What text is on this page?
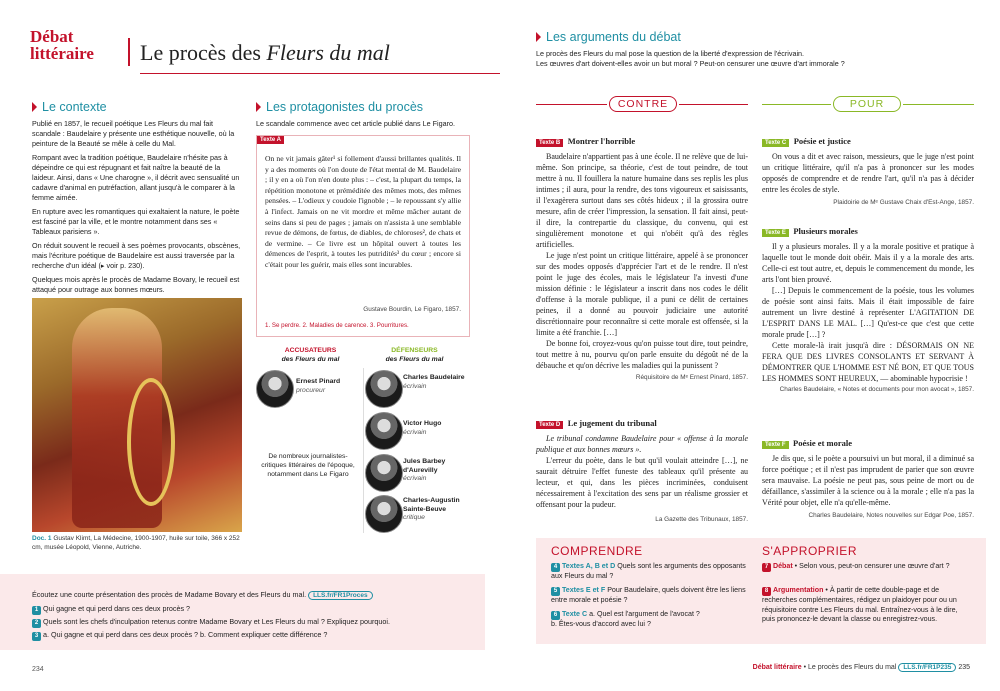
Débat
littéraire Le procès des Fleurs du mal
Le contexte

Publié en 1857, le recueil poétique Les Fleurs du mal fait scandale : Baudelaire y présente une esthétique nouvelle, où la peinture de la Beauté se mêle à celle du Mal.

Rompant avec la tradition poétique, Baudelaire n'hésite pas à dépeindre ce qui est répugnant et fait naître la beauté de la laideur. Ainsi, dans « Une charogne », il décrit avec sensualité un cadavre d'animal en putréfaction, allant jusqu'à le comparer à la femme aimée.

En rupture avec les romantiques qui exaltaient la nature, le poète est fasciné par la ville, et le montre notamment dans ses « Tableaux parisiens ».

On réduit souvent le recueil à ses poèmes provocants, obscènes, mais l'écriture poétique de Baudelaire est aussi traversée par la recherche d'un idéal (▸ voir p. 230).

Quelques mois après le procès de Madame Bovary, le recueil est attaqué pour outrage aux bonnes mœurs.

Doc. 1 Gustav Klimt, La Médecine, 1900-1907, huile sur toile, 366 x 252 cm, musée Léopold, Vienne, Autriche.
Les protagonistes du procès
Le scandale commence avec cet article publié dans Le Figaro.
Texte A
On ne vit jamais gâter¹ si follement d'aussi brillantes qualités. Il y a des moments où l'on doute de l'état mental de M. Baudelaire ; il y en a où l'on n'en doute plus : – c'est, la plupart du temps, la répétition monotone et préméditée des mêmes mots, des mêmes pensées. – L'odieux y coudoie l'ignoble ; – le repoussant s'y allie à l'infect. Jamais on ne vit mordre et même mâcher autant de seins dans si peu de pages ; jamais on n'assista à une semblable revue de démons, de fœtus, de diables, de chloroses², de chats et de vermine. – Ce livre est un hôpital ouvert à toutes les démences de l'esprit, à toutes les putridités³ du cœur ; encore si c'était pour les guérir, mais elles sont incurables.
Gustave Bourdin, Le Figaro, 1857.
1. Se perdre. 2. Maladies de carence. 3. Pourritures.
ACCUSATEURS
des Fleurs du mal
DÉFENSEURS
des Fleurs du mal
Ernest Pinard
procureur
De nombreux journalistes-critiques littéraires de l'époque, notamment dans Le Figaro
Charles Baudelaire
écrivain
Victor Hugo
écrivain
Jules Barbey d'Aurevilly
écrivain
Charles-Augustin Sainte-Beuve
critique
Écoutez une courte présentation des procès de Madame Bovary et des Fleurs du mal. LLS.fr/FR1Proces
1 Qui gagne et qui perd dans ces deux procès ?
2 Quels sont les chefs d'inculpation retenus contre Madame Bovary et Les Fleurs du mal ? Expliquez pourquoi.
3 a. Qui gagne et qui perd dans ces deux procès ? b. Comment expliquer cette différence ?
234
Les arguments du débat

Le procès des Fleurs du mal pose la question de la liberté d'expression de l'écrivain.

Les œuvres d'art doivent-elles avoir un but moral ? Peut-on censurer une œuvre d'art immorale ?

CONTRE	POUR
Texte B Montrer l'horrible

Baudelaire n'appartient pas à une école. Il ne relève que de lui-même. Son principe, sa théorie, c'est de tout peindre, de tout mettre à nu. Il fouillera la nature humaine dans ses replis les plus intimes ; il aura, pour la rendre, des tons vigoureux et saisissants, il l'exagèrera surtout dans ses côtés hideux ; il la grossira outre mesure, afin de créer l'impression, la sensation. Il fait ainsi, peut-il dire, la contrepartie du classique, du convenu, qui est singulièrement monotone et qui n'obéit qu'à des règles artificielles.

Le juge n'est point un critique littéraire, appelé à se prononcer sur des modes opposés d'apprécier l'art et de le rendre. Il n'est point le juge des écoles, mais le législateur l'a investi d'une mission définie : le législateur a inscrit dans nos codes le délit d'offense à la morale publique, il a puni ce délit de certaines peines, il a donné au pouvoir judiciaire une autorité discrétionnaire pour reconnaître si cette morale est offensée, si la limite a été franchie. […]

De bonne foi, croyez-vous qu'on puisse tout dire, tout peindre, tout mettre à nu, pourvu qu'on parle ensuite du dégoût né de la débauche et qu'on décrive les maladies qui la punissent ?

Réquisitoire de Mᵉ Ernest Pinard, 1857.
Texte D Le jugement du tribunal

Le tribunal condamne Baudelaire pour « offense à la morale publique et aux bonnes mœurs ».

L'erreur du poète, dans le but qu'il voulait atteindre […], ne saurait détruire l'effet funeste des tableaux qu'il présente au lecteur, et qui, dans les pièces incriminées, conduisent nécessairement à l'excitation des sens par un réalisme grossier et offensant pour la pudeur.

La Gazette des Tribunaux, 1857.
Texte C Poésie et justice

On vous a dit et avec raison, messieurs, que le juge n'est point un critique littéraire, qu'il n'a pas à prononcer sur les modes opposés de comprendre et de rendre l'art, qu'il n'a pas à décider entre les écoles de style.

Plaidoirie de Mᵉ Gustave Chaix d'Est-Ange, 1857.
Texte E Plusieurs morales

Il y a plusieurs morales. Il y a la morale positive et pratique à laquelle tout le monde doit obéir. Mais il y a la morale des arts. Celle-ci est tout autre, et, depuis le commencement du monde, les arts l'ont bien prouvé.

[…] Depuis le commencement de la poésie, tous les volumes de poésie sont ainsi faits. Mais il était impossible de faire autrement un livre destiné à représenter L'AGITATION DE L'ESPRIT DANS LE MAL. […] Qu'est-ce que c'est que cette morale prude […] ?

Cette morale-là irait jusqu'à dire : DÉSORMAIS ON NE FERA QUE DES LIVRES CONSOLANTS ET SERVANT À DÉMONTRER QUE L'HOMME EST NÉ BON, ET QUE TOUS LES HOMMES SONT HEUREUX, — abominable hypocrisie !

Charles Baudelaire, « Notes et documents pour mon avocat », 1857.
Texte F Poésie et morale

Je dis que, si le poète a poursuivi un but moral, il a diminué sa force poétique ; et il n'est pas imprudent de parier que son œuvre sera mauvaise. La poésie ne peut pas, sous peine de mort ou de défaillance, s'assimiler à la science ou à la morale ; elle n'a pas la Vérité pour objet, elle n'a qu'elle-même.

Charles Baudelaire, Notes nouvelles sur Edgar Poe, 1857.
COMPRENDRE
4 Textes A, B et D Quels sont les arguments des opposants aux Fleurs du mal ?
5 Textes E et F Pour Baudelaire, quels doivent être les liens entre morale et poésie ?
6 Texte C a. Quel est l'argument de l'avocat ?
b. Êtes-vous d'accord avec lui ?
S'APPROPRIER
7 Débat • Selon vous, peut-on censurer une œuvre d'art ?
8 Argumentation • À partir de cette double-page et de recherches complémentaires, rédigez un plaidoyer pour ou un réquisitoire contre Les Fleurs du mal. Entraînez-vous à le dire, puis prononcez-le devant la classe ou enregistrez-vous.
Débat littéraire • Le procès des Fleurs du mal LLS.fr/FR1P235 235
